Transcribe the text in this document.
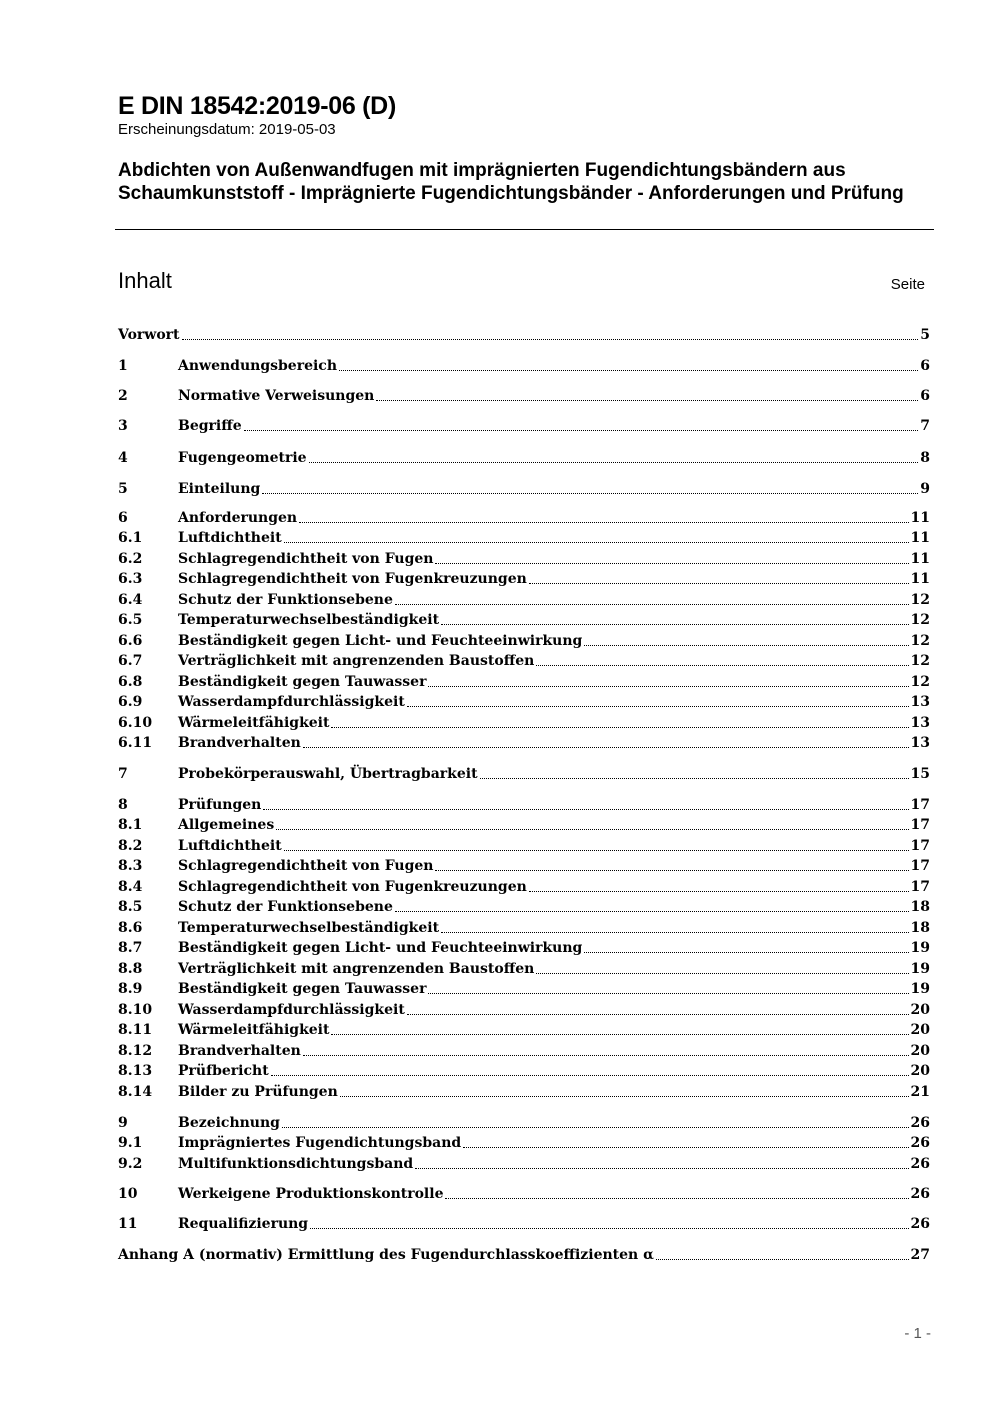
E DIN 18542:2019-06 (D)
Erscheinungsdatum: 2019-05-03
Abdichten von Außenwandfugen mit imprägnierten Fugendichtungsbändern aus Schaumkunststoff - Imprägnierte Fugendichtungsbänder - Anforderungen und Prüfung
Inhalt	Seite
Vorwort	5
1	Anwendungsbereich	6
2	Normative Verweisungen	6
3	Begriffe	7
4	Fugengeometrie	8
5	Einteilung	9
6	Anforderungen	11
6.1	Luftdichtheit	11
6.2	Schlagregendichtheit von Fugen	11
6.3	Schlagregendichtheit von Fugenkreuzungen	11
6.4	Schutz der Funktionsebene	12
6.5	Temperaturwechselbeständigkeit	12
6.6	Beständigkeit gegen Licht- und Feuchteeinwirkung	12
6.7	Verträglichkeit mit angrenzenden Baustoffen	12
6.8	Beständigkeit gegen Tauwasser	12
6.9	Wasserdampfdurchlässigkeit	13
6.10	Wärmeleitfähigkeit	13
6.11	Brandverhalten	13
7	Probekörperauswahl, Übertragbarkeit	15
8	Prüfungen	17
8.1	Allgemeines	17
8.2	Luftdichtheit	17
8.3	Schlagregendichtheit von Fugen	17
8.4	Schlagregendichtheit von Fugenkreuzungen	17
8.5	Schutz der Funktionsebene	18
8.6	Temperaturwechselbeständigkeit	18
8.7	Beständigkeit gegen Licht- und Feuchteeinwirkung	19
8.8	Verträglichkeit mit angrenzenden Baustoffen	19
8.9	Beständigkeit gegen Tauwasser	19
8.10	Wasserdampfdurchlässigkeit	20
8.11	Wärmeleitfähigkeit	20
8.12	Brandverhalten	20
8.13	Prüfbericht	20
8.14	Bilder zu Prüfungen	21
9	Bezeichnung	26
9.1	Imprägniertes Fugendichtungsband	26
9.2	Multifunktionsdichtungsband	26
10	Werkeigene Produktionskontrolle	26
11	Requalifizierung	26
Anhang A (normativ) Ermittlung des Fugendurchlasskoeffizienten α	27
- 1 -
